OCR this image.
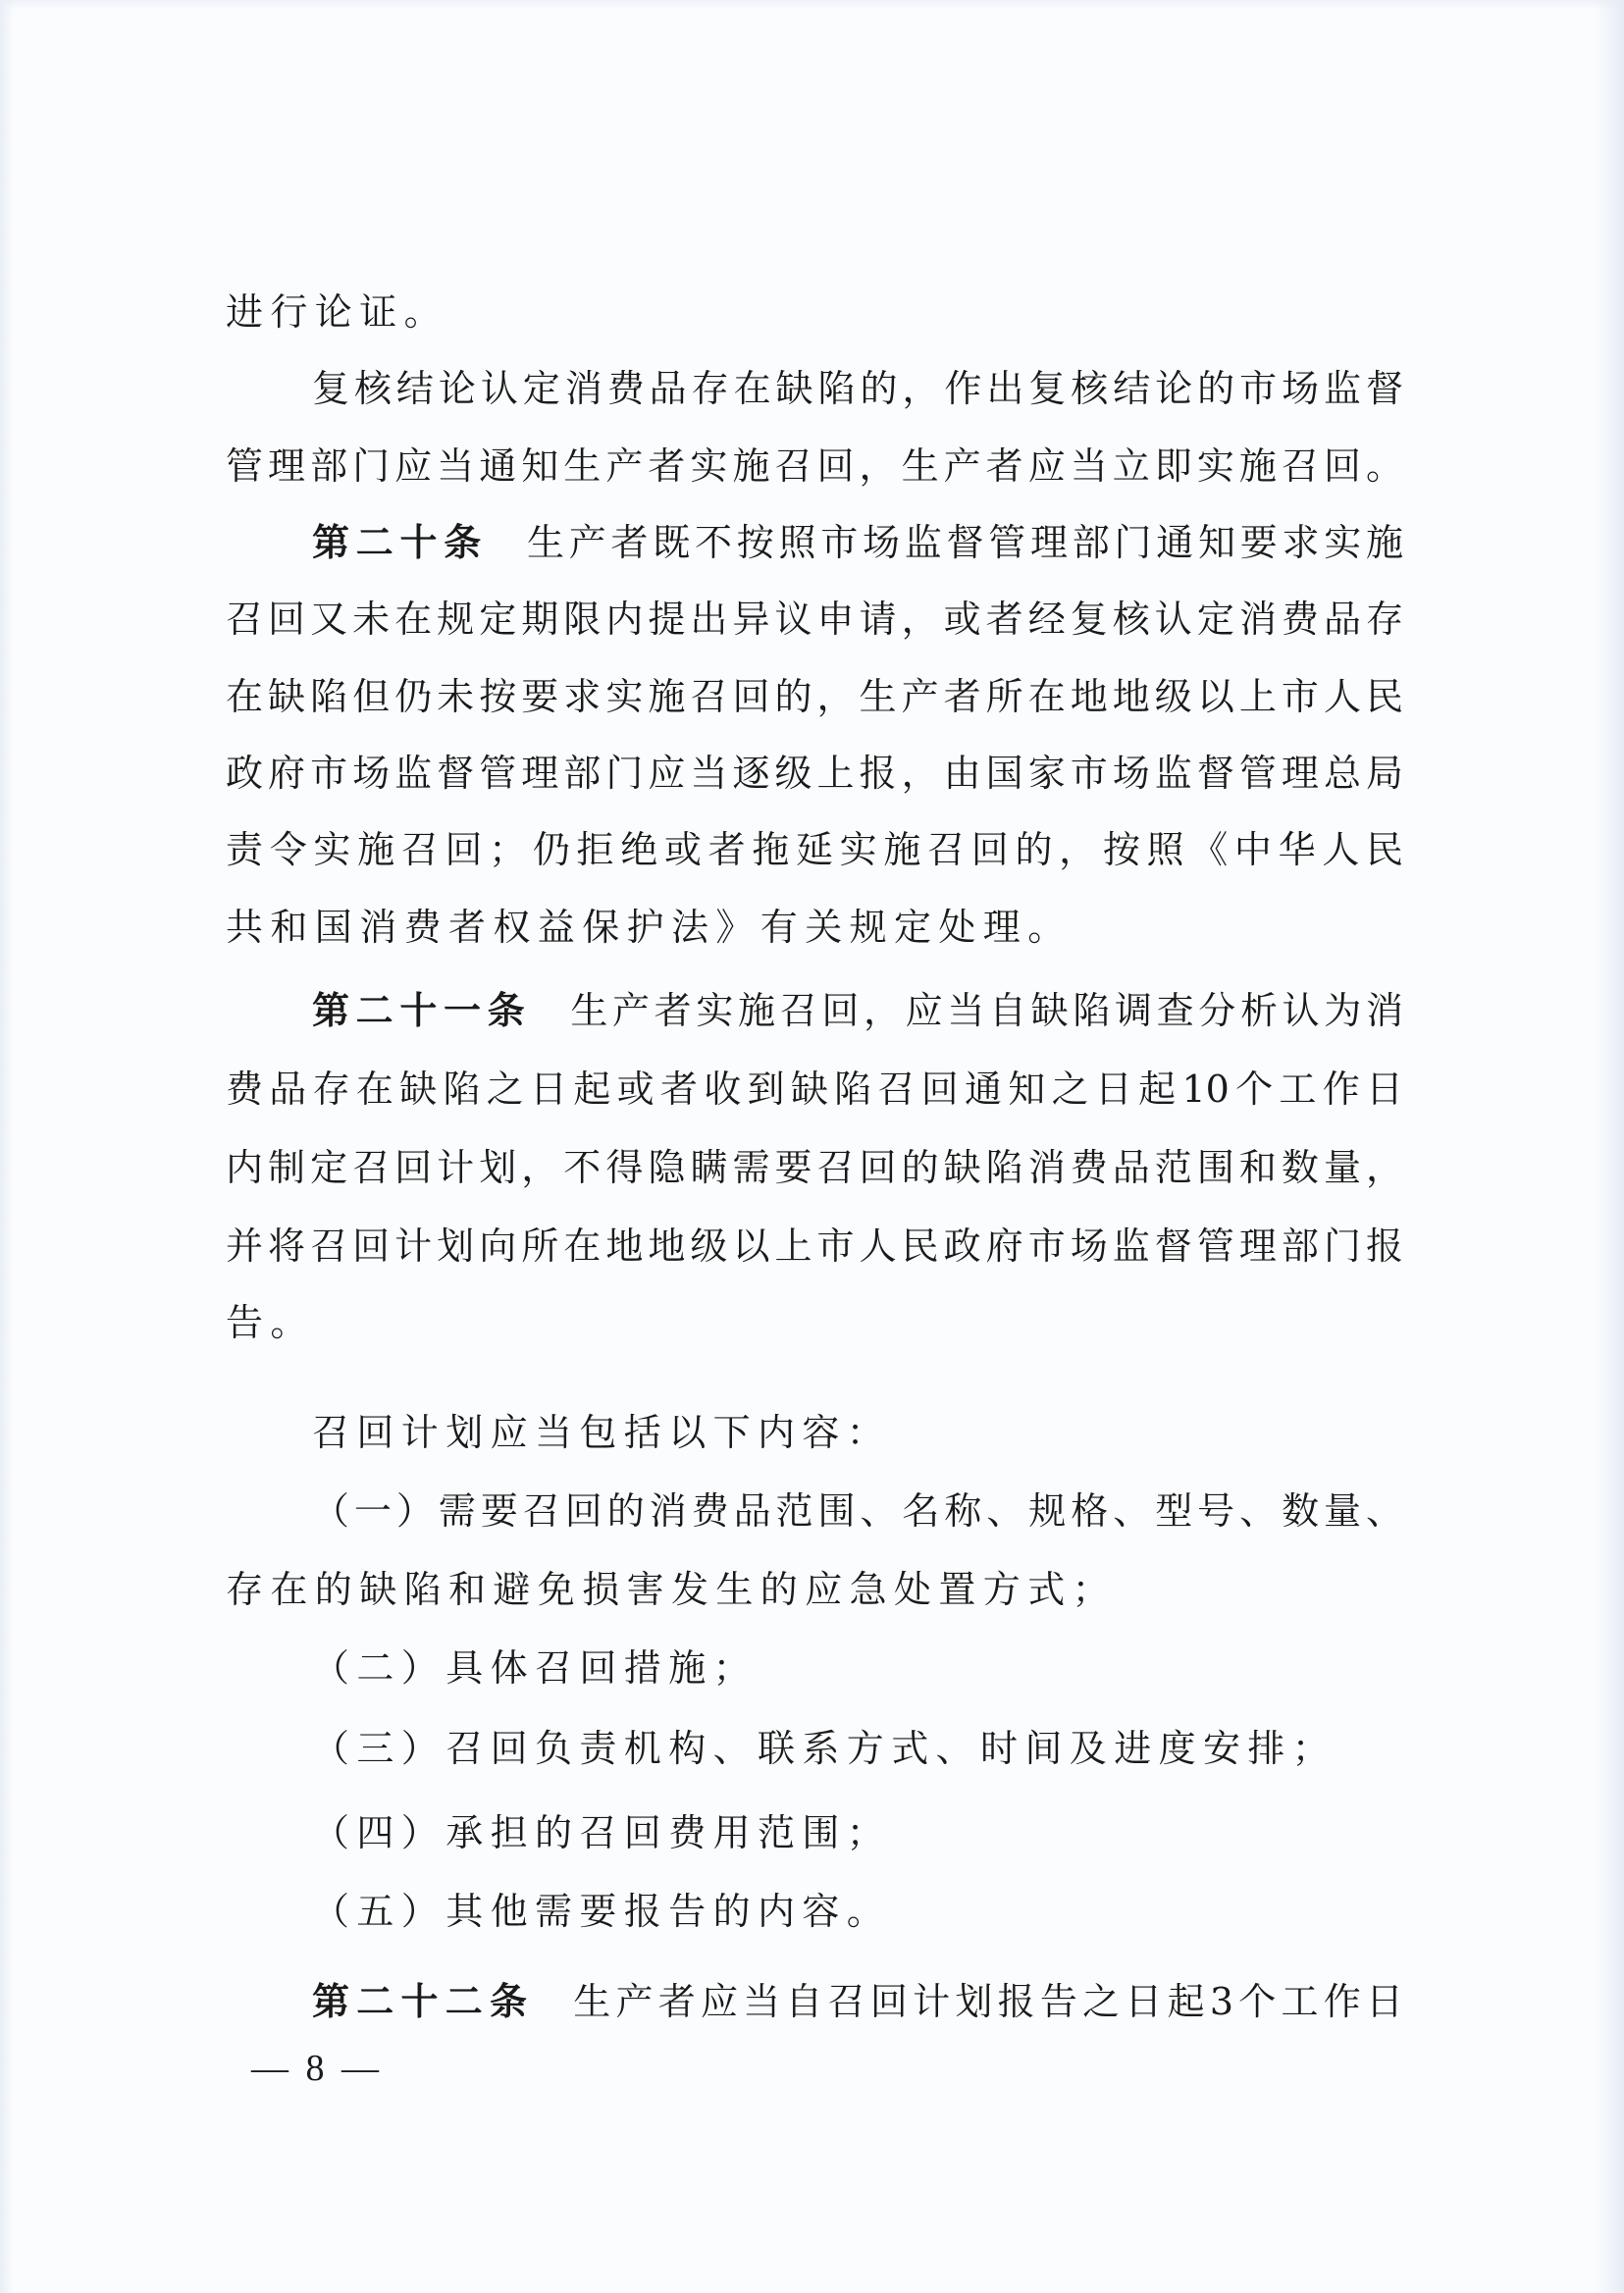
进行论证。
复核结论认定消费品存在缺陷的，作出复核结论的市场监督
管理部门应当通知生产者实施召回，生产者应当立即实施召回。
第二十条 生产者既不按照市场监督管理部门通知要求实施
召回又未在规定期限内提出异议申请，或者经复核认定消费品存
在缺陷但仍未按要求实施召回的，生产者所在地地级以上市人民
政府市场监督管理部门应当逐级上报，由国家市场监督管理总局
责令实施召回；仍拒绝或者拖延实施召回的，按照《中华人民
共和国消费者权益保护法》有关规定处理。
第二十一条 生产者实施召回，应当自缺陷调查分析认为消
费品存在缺陷之日起或者收到缺陷召回通知之日起10个工作日
内制定召回计划，不得隐瞒需要召回的缺陷消费品范围和数量，
并将召回计划向所在地地级以上市人民政府市场监督管理部门报
告。
召回计划应当包括以下内容：
（一）需要召回的消费品范围、名称、规格、型号、数量、
存在的缺陷和避免损害发生的应急处置方式；
（二）具体召回措施；
（三）召回负责机构、联系方式、时间及进度安排；
（四）承担的召回费用范围；
（五）其他需要报告的内容。
第二十二条 生产者应当自召回计划报告之日起3个工作日
— 8 —
